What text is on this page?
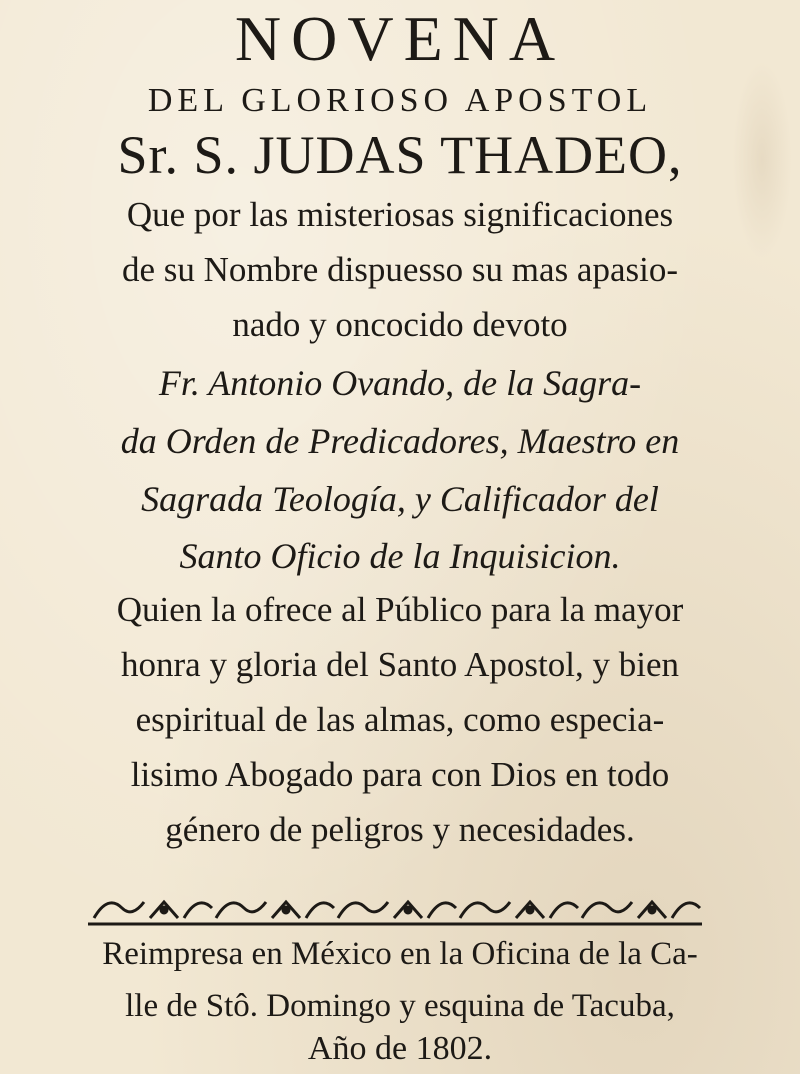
NOVENA
DEL GLORIOSO APOSTOL
Sr. S. JUDAS THADEO,
Que por las misteriosas significaciones
de su Nombre dispuesso su mas apasio-
nado y oncocido devoto
Fr. Antonio Ovando, de la Sagra-
da Orden de Predicadores, Maestro en
Sagrada Teología, y Calificador del
Santo Oficio de la Inquisicion.
Quien la ofrece al Público para la mayor
honra y gloria del Santo Apostol, y bien
espiritual de las almas, como especia-
lisimo Abogado para con Dios en todo
género de peligros y necesidades.
Reimpresa en México en la Oficina de la Ca-
lle de Stô. Domingo y esquina de Tacuba,
Año de 1802.
